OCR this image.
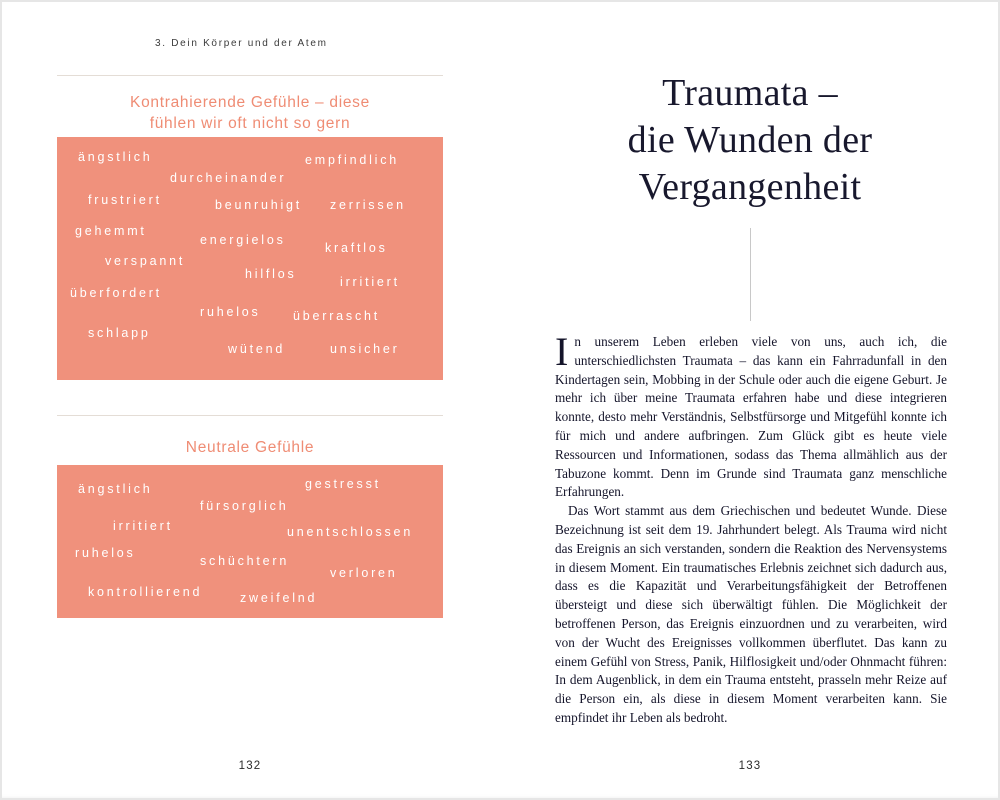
3. Dein Körper und der Atem
Kontrahierende Gefühle – diese
fühlen wir oft nicht so gern
ängstlich	empfindlich
durcheinander
frustriert	beunruhigt zerrissen
gehemmt
energielos
kraftlos
verspannt
hilflos
irritiert
überfordert
ruhelos	überrascht
schlapp
wütend	unsicher
Neutrale Gefühle
ängstlich	gestresst
fürsorglich
irritiert	unentschlossen
ruhelos
schüchtern
verloren
kontrollierend	zweifelnd
132
Traumata –
die Wunden der
Vergangenheit

In unserem Leben erleben viele von uns, auch ich, die unterschiedlichsten Traumata – das kann ein Fahrradunfall in den Kindertagen sein, Mobbing in der Schule oder auch die eigene Geburt. Je mehr ich über meine Traumata erfahren habe und diese integrieren konnte, desto mehr Verständnis, Selbstfürsorge und Mitgefühl konnte ich für mich und andere aufbringen. Zum Glück gibt es heute viele Ressourcen und Informationen, sodass das Thema allmählich aus der Tabuzone kommt. Denn im Grunde sind Traumata ganz menschliche Erfahrungen.

Das Wort stammt aus dem Griechischen und bedeutet Wunde. Diese Bezeichnung ist seit dem 19. Jahrhundert belegt. Als Trauma wird nicht das Ereignis an sich verstanden, sondern die Reaktion des Nervensystems in diesem Moment. Ein traumatisches Erlebnis zeichnet sich dadurch aus, dass es die Kapazität und Verarbeitungsfähigkeit der Betroffenen übersteigt und diese sich überwältigt fühlen. Die Möglichkeit der betroffenen Person, das Ereignis einzuordnen und zu verarbeiten, wird von der Wucht des Ereignisses vollkommen überflutet. Das kann zu einem Gefühl von Stress, Panik, Hilflosigkeit und/oder Ohnmacht führen: In dem Augenblick, in dem ein Trauma entsteht, prasseln mehr Reize auf die Person ein, als diese in diesem Moment verarbeiten kann. Sie empfindet ihr Leben als bedroht.

133
